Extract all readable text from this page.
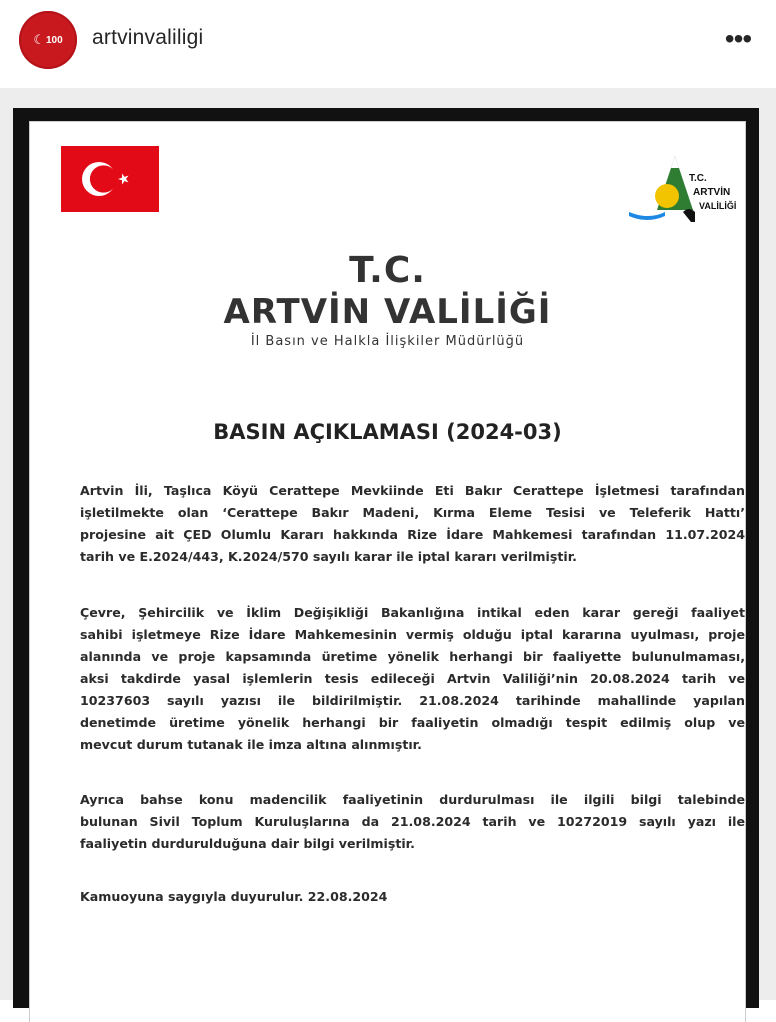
☾ 100 artvinvaliligi	•••
T.C.
ARTVİN
VALİLİĞİ
T.C.
ARTVİN VALİLİĞİ
İl Basın ve Halkla İlişkiler Müdürlüğü
BASIN AÇIKLAMASI (2024-03)
Artvin İli, Taşlıca Köyü Cerattepe Mevkiinde Eti Bakır Cerattepe İşletmesi tarafından
işletilmekte olan ‘Cerattepe Bakır Madeni, Kırma Eleme Tesisi ve Teleferik Hattı’
projesine ait ÇED Olumlu Kararı hakkında Rize İdare Mahkemesi tarafından 11.07.2024
tarih ve E.2024/443, K.2024/570 sayılı karar ile iptal kararı verilmiştir.
Çevre, Şehircilik ve İklim Değişikliği Bakanlığına intikal eden karar gereği faaliyet
sahibi işletmeye Rize İdare Mahkemesinin vermiş olduğu iptal kararına uyulması, proje
alanında ve proje kapsamında üretime yönelik herhangi bir faaliyette bulunulmaması,
aksi takdirde yasal işlemlerin tesis edileceği Artvin Valiliği’nin 20.08.2024 tarih ve
10237603 sayılı yazısı ile bildirilmiştir. 21.08.2024 tarihinde mahallinde yapılan
denetimde üretime yönelik herhangi bir faaliyetin olmadığı tespit edilmiş olup ve
mevcut durum tutanak ile imza altına alınmıştır.
Ayrıca bahse konu madencilik faaliyetinin durdurulması ile ilgili bilgi talebinde
bulunan Sivil Toplum Kuruluşlarına da 21.08.2024 tarih ve 10272019 sayılı yazı ile
faaliyetin durdurulduğuna dair bilgi verilmiştir.
Kamuoyuna saygıyla duyurulur. 22.08.2024
